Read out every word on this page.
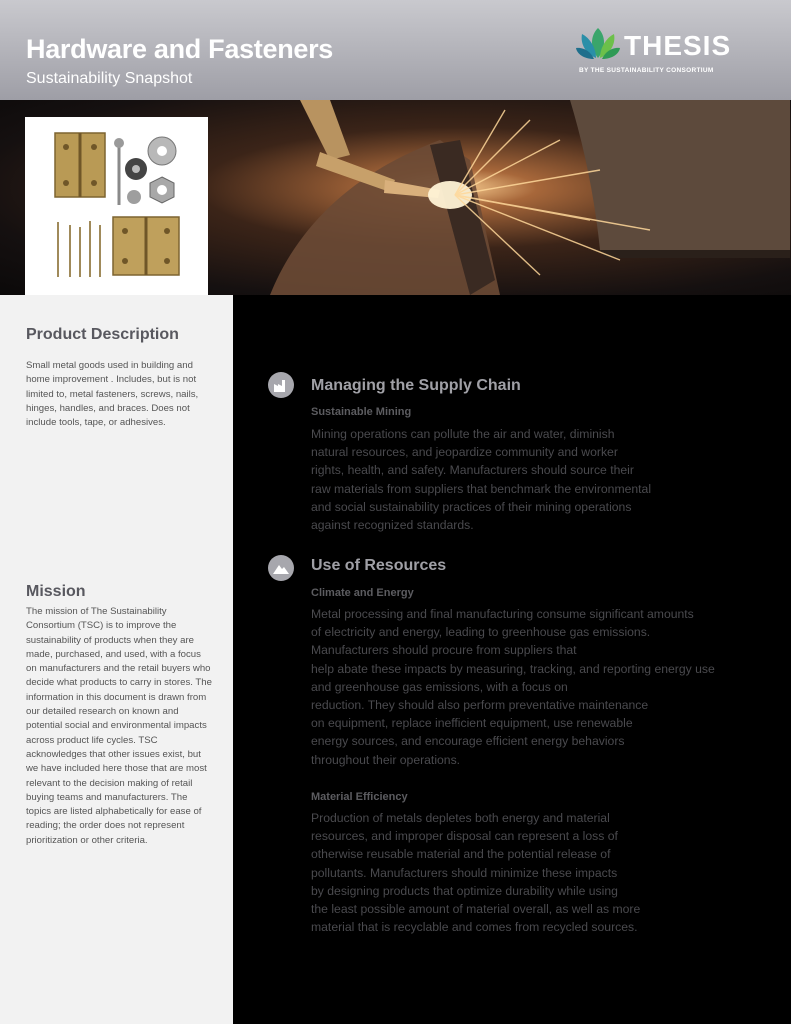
Hardware and Fasteners
Sustainability Snapshot
THESIS
BY THE SUSTAINABILITY CONSORTIUM
Product Description
Small metal goods used in building and home improvement . Includes, but is not limited to, metal fasteners, screws, nails, hinges, handles, and braces. Does not include tools, tape, or adhesives.
Mission
The mission of The Sustainability Consortium (TSC) is to improve the sustainability of products when they are made, purchased, and used, with a focus on manufacturers and the retail buyers who decide what products to carry in stores. The information in this document is drawn from our detailed research on known and potential social and environmental impacts across product life cycles. TSC acknowledges that other issues exist, but we have included here those that are most relevant to the decision making of retail buying teams and manufacturers. The topics are listed alphabetically for ease of reading; the order does not represent prioritization or other criteria.
Managing the Supply Chain
Sustainable Mining
Mining operations can pollute the air and water, diminish
natural resources, and jeopardize community and worker
rights, health, and safety. Manufacturers should source their
raw materials from suppliers that benchmark the environmental
and social sustainability practices of their mining operations
against recognized standards.
Use of Resources
Climate and Energy
Metal processing and final manufacturing consume significant amounts
of electricity and energy, leading to greenhouse gas emissions.
Manufacturers should procure from suppliers that
help abate these impacts by measuring, tracking, and reporting energy use
and greenhouse gas emissions, with a focus on
reduction. They should also perform preventative maintenance
on equipment, replace inefficient equipment, use renewable
energy sources, and encourage efficient energy behaviors
throughout their operations.
Material Efficiency
Production of metals depletes both energy and material
resources, and improper disposal can represent a loss of
otherwise reusable material and the potential release of
pollutants. Manufacturers should minimize these impacts
by designing products that optimize durability while using
the least possible amount of material overall, as well as more
material that is recyclable and comes from recycled sources.
